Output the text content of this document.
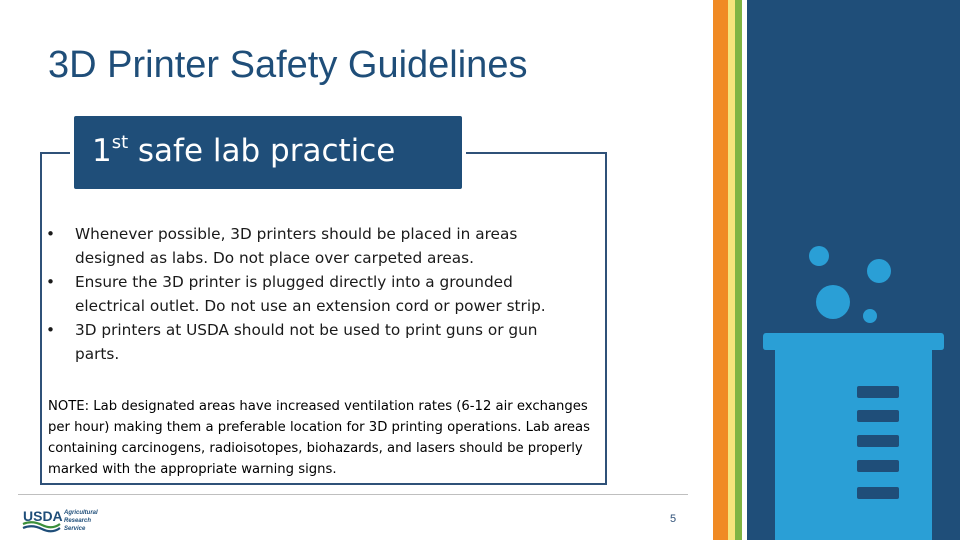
3D Printer Safety Guidelines
1st safe lab practice
• Whenever possible, 3D printers should be placed in areas designed as labs. Do not place over carpeted areas.
• Ensure the 3D printer is plugged directly into a grounded electrical outlet. Do not use an extension cord or power strip.
• 3D printers at USDA should not be used to print guns or gun parts.

NOTE: Lab designated areas have increased ventilation rates (6-12 air exchanges per hour) making them a preferable location for 3D printing operations. Lab areas containing carcinogens, radioisotopes, biohazards, and lasers should be properly marked with the appropriate warning signs.

USDA Agricultural
Research
Service
5
